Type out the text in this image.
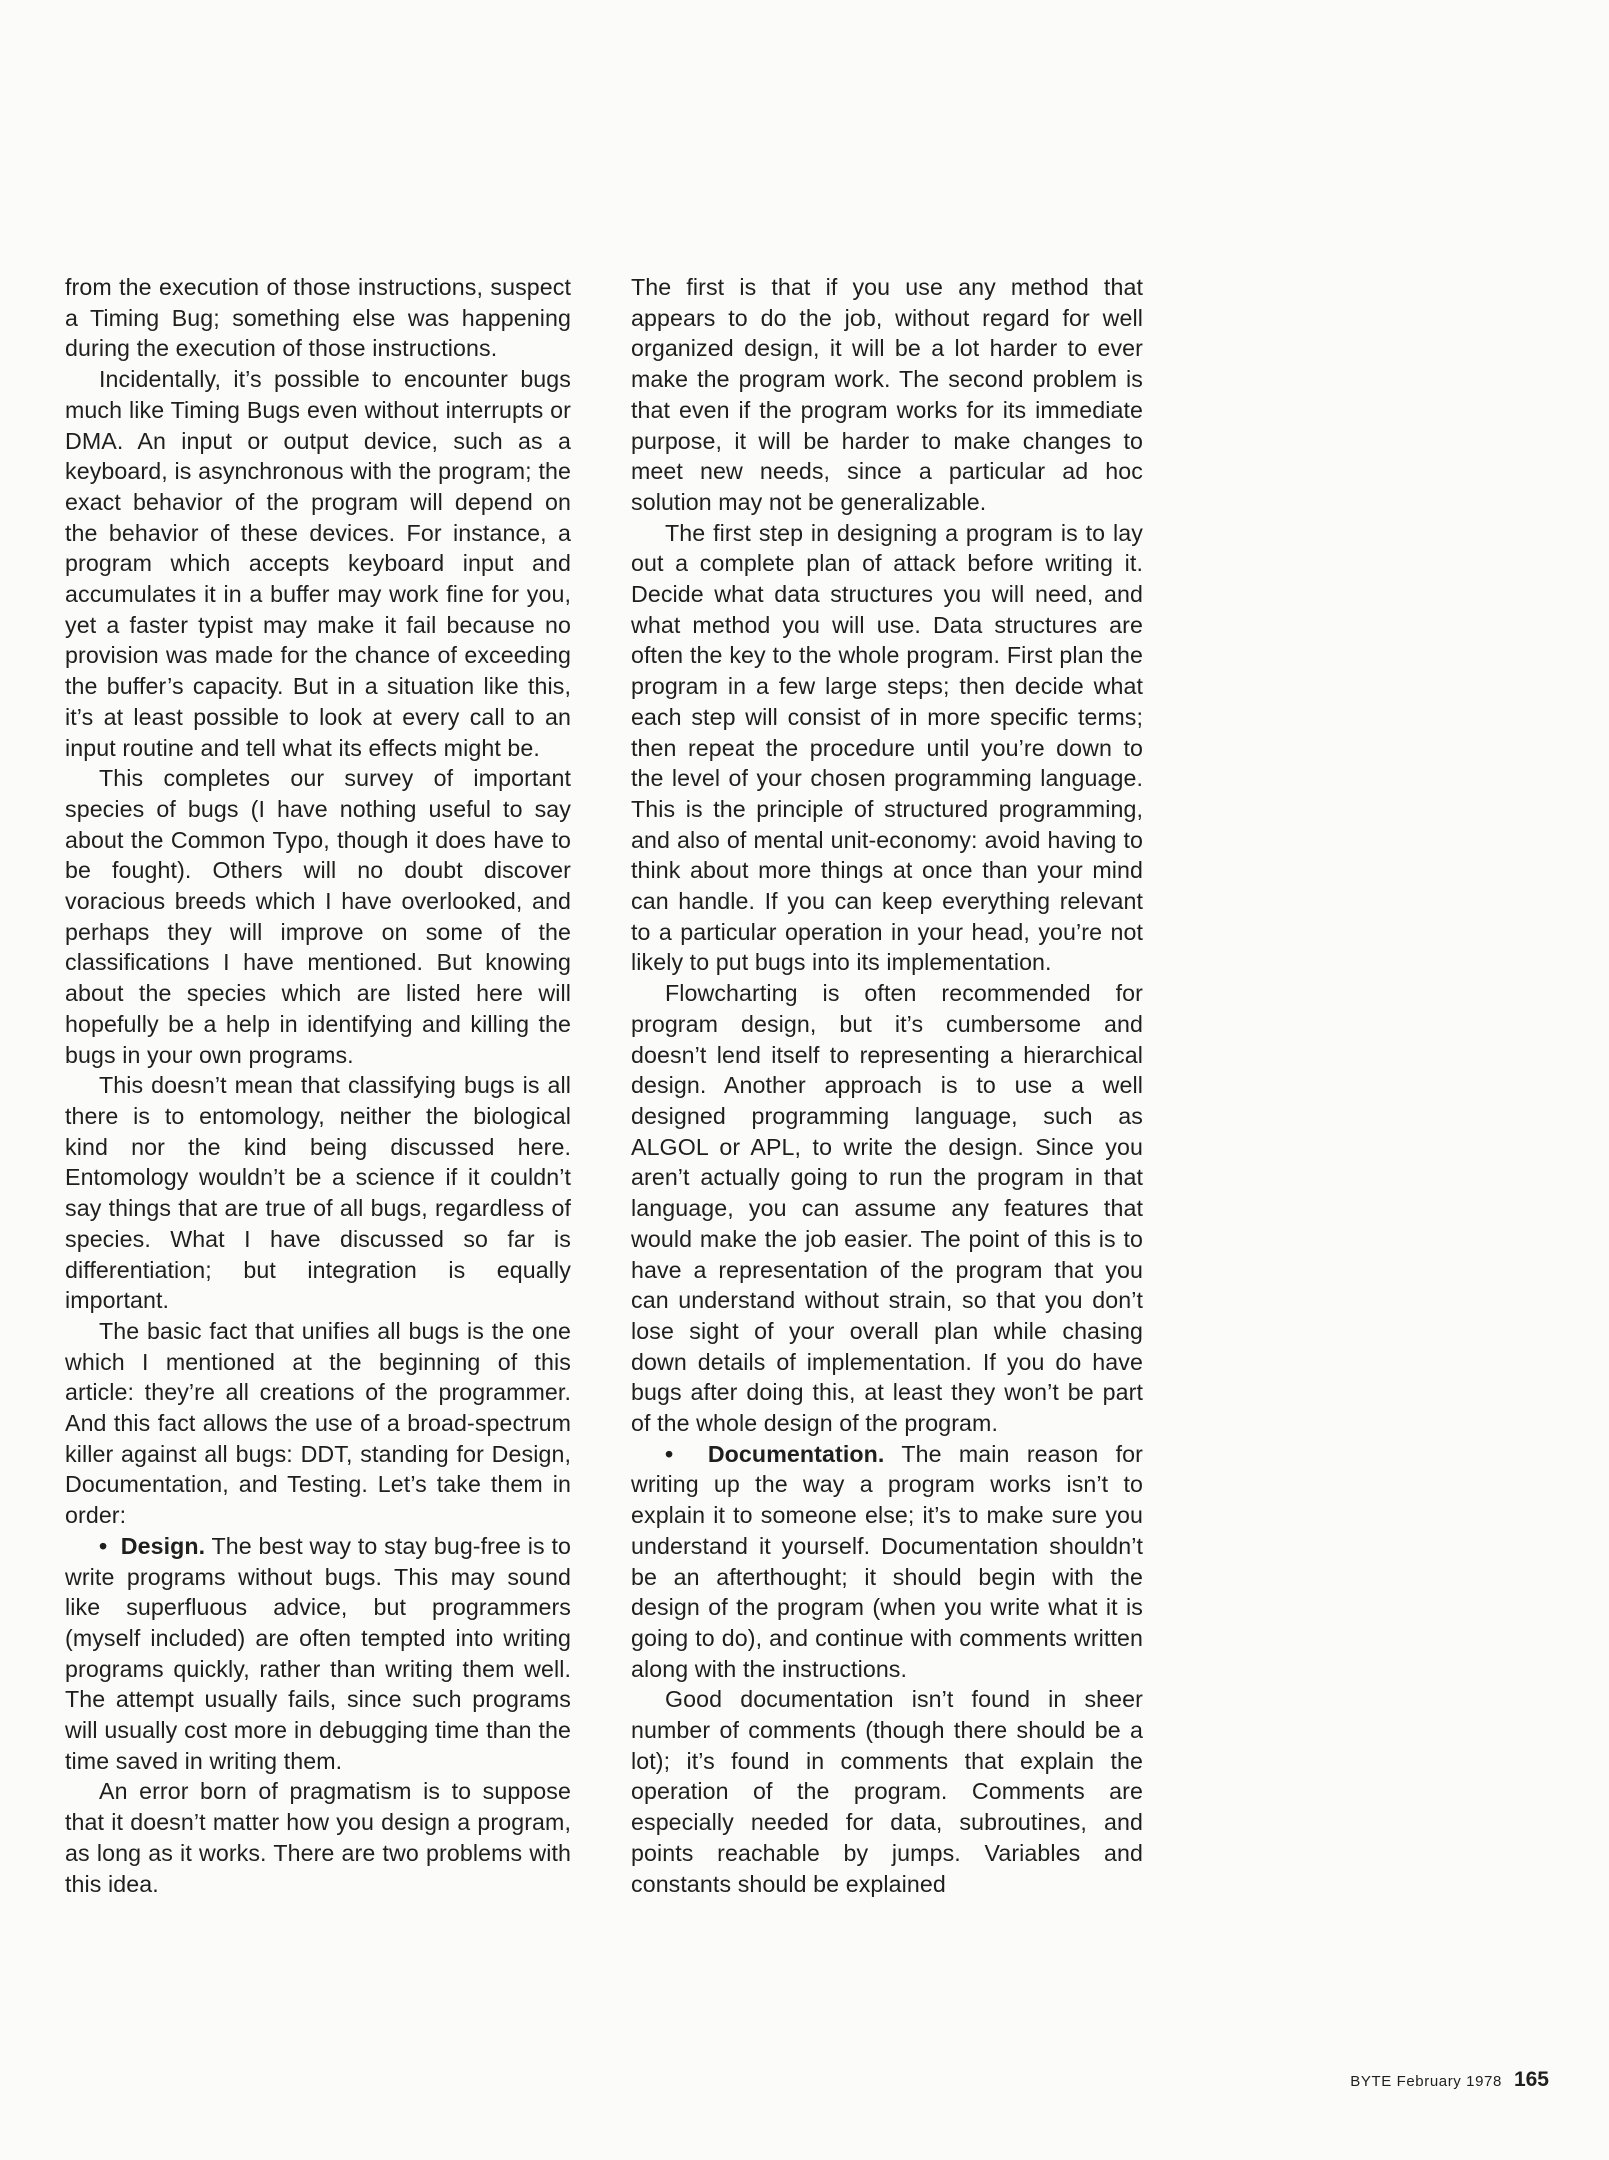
from the execution of those instructions, suspect a Timing Bug; something else was happening during the execution of those instructions.

Incidentally, it’s possible to encounter bugs much like Timing Bugs even without interrupts or DMA. An input or output device, such as a keyboard, is asynchronous with the program; the exact behavior of the program will depend on the behavior of these devices. For instance, a program which accepts keyboard input and accumulates it in a buffer may work fine for you, yet a faster typist may make it fail because no provision was made for the chance of exceeding the buffer’s capacity. But in a situation like this, it’s at least possible to look at every call to an input routine and tell what its effects might be.

This completes our survey of important species of bugs (I have nothing useful to say about the Common Typo, though it does have to be fought). Others will no doubt discover voracious breeds which I have overlooked, and perhaps they will improve on some of the classifications I have mentioned. But knowing about the species which are listed here will hopefully be a help in identifying and killing the bugs in your own programs.

This doesn’t mean that classifying bugs is all there is to entomology, neither the biological kind nor the kind being discussed here. Entomology wouldn’t be a science if it couldn’t say things that are true of all bugs, regardless of species. What I have discussed so far is differentiation; but integration is equally important.

The basic fact that unifies all bugs is the one which I mentioned at the beginning of this article: they’re all creations of the programmer. And this fact allows the use of a broad-spectrum killer against all bugs: DDT, standing for Design, Documentation, and Testing. Let’s take them in order:

• Design. The best way to stay bug-free is to write programs without bugs. This may sound like superfluous advice, but programmers (myself included) are often tempted into writing programs quickly, rather than writing them well. The attempt usually fails, since such programs will usually cost more in debugging time than the time saved in writing them.

An error born of pragmatism is to suppose that it doesn’t matter how you design a program, as long as it works. There are two problems with this idea.

The first is that if you use any method that appears to do the job, without regard for well organized design, it will be a lot harder to ever make the program work. The second problem is that even if the program works for its immediate purpose, it will be harder to make changes to meet new needs, since a particular ad hoc solution may not be generalizable.

The first step in designing a program is to lay out a complete plan of attack before writing it. Decide what data structures you will need, and what method you will use. Data structures are often the key to the whole program. First plan the program in a few large steps; then decide what each step will consist of in more specific terms; then repeat the procedure until you’re down to the level of your chosen programming language. This is the principle of structured programming, and also of mental unit-economy: avoid having to think about more things at once than your mind can handle. If you can keep everything relevant to a particular operation in your head, you’re not likely to put bugs into its implementation.

Flowcharting is often recommended for program design, but it’s cumbersome and doesn’t lend itself to representing a hierarchical design. Another approach is to use a well designed programming language, such as ALGOL or APL, to write the design. Since you aren’t actually going to run the program in that language, you can assume any features that would make the job easier. The point of this is to have a representation of the program that you can understand without strain, so that you don’t lose sight of your overall plan while chasing down details of implementation. If you do have bugs after doing this, at least they won’t be part of the whole design of the program.

• Documentation. The main reason for writing up the way a program works isn’t to explain it to someone else; it’s to make sure you understand it yourself. Documentation shouldn’t be an afterthought; it should begin with the design of the program (when you write what it is going to do), and continue with comments written along with the instructions.

Good documentation isn’t found in sheer number of comments (though there should be a lot); it’s found in comments that explain the operation of the program. Comments are especially needed for data, subroutines, and points reachable by jumps. Variables and constants should be explained

BYTE February 1978 165
